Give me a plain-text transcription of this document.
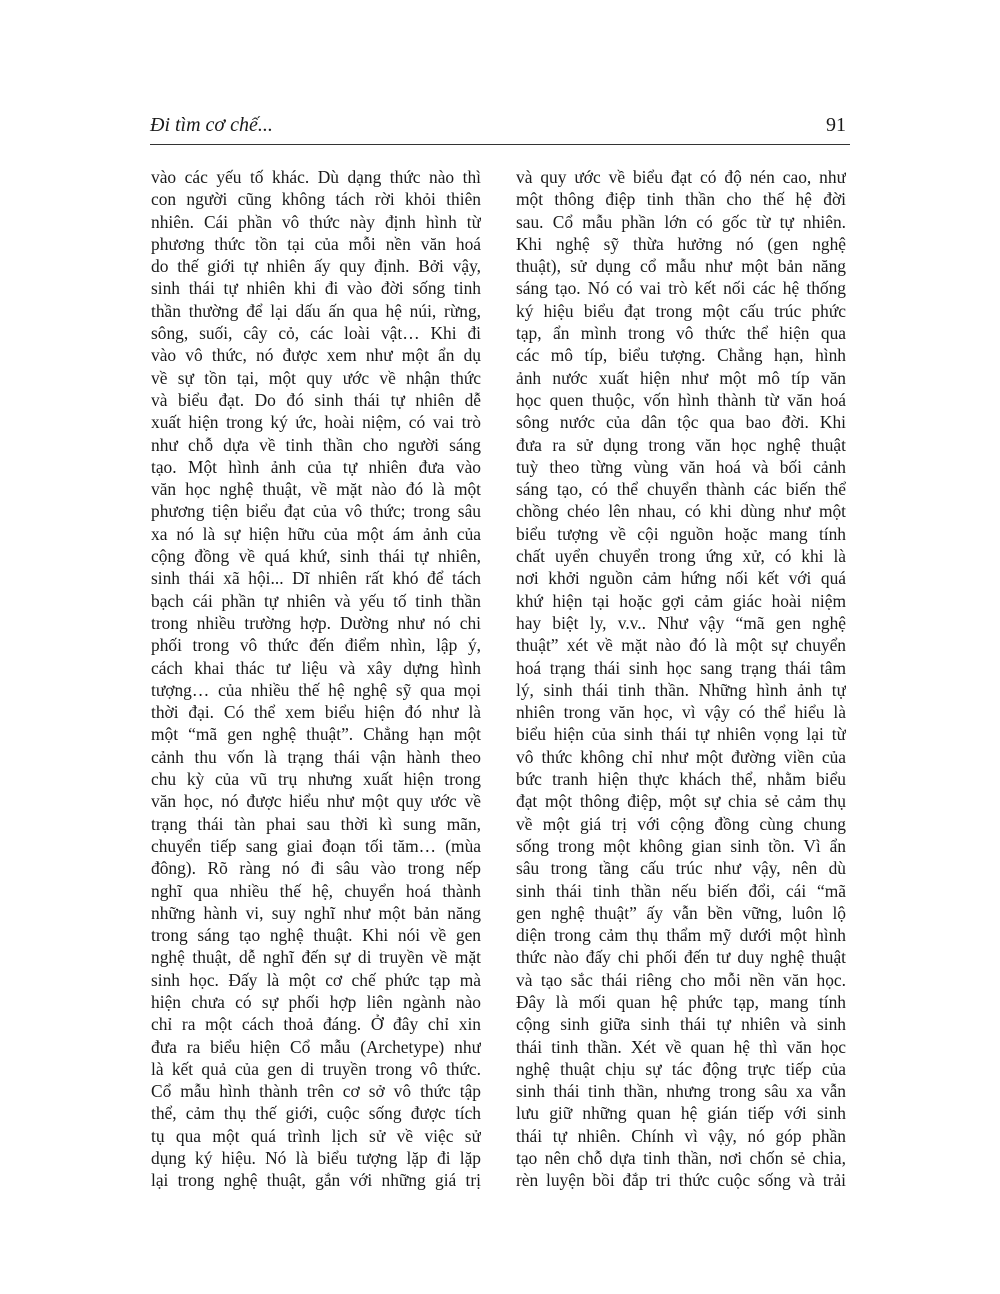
Đi tìm cơ chế...	91
vào các yếu tố khác. Dù dạng thức nào thì
con người cũng không tách rời khỏi thiên
nhiên. Cái phần vô thức này định hình từ
phương thức tồn tại của mỗi nền văn hoá
do thế giới tự nhiên ấy quy định. Bởi vậy,
sinh thái tự nhiên khi đi vào đời sống tinh
thần thường để lại dấu ấn qua hệ núi, rừng,
sông, suối, cây cỏ, các loài vật… Khi đi
vào vô thức, nó được xem như một ẩn dụ
về sự tồn tại, một quy ước về nhận thức
và biểu đạt. Do đó sinh thái tự nhiên dễ
xuất hiện trong ký ức, hoài niệm, có vai trò
như chỗ dựa về tinh thần cho người sáng
tạo. Một hình ảnh của tự nhiên đưa vào
văn học nghệ thuật, về mặt nào đó là một
phương tiện biểu đạt của vô thức; trong sâu
xa nó là sự hiện hữu của một ám ảnh của
cộng đồng về quá khứ, sinh thái tự nhiên,
sinh thái xã hội... Dĩ nhiên rất khó để tách
bạch cái phần tự nhiên và yếu tố tinh thần
trong nhiều trường hợp. Dường như nó chi
phối trong vô thức đến điểm nhìn, lập ý,
cách khai thác tư liệu và xây dựng hình
tượng… của nhiều thế hệ nghệ sỹ qua mọi
thời đại. Có thể xem biểu hiện đó như là
một “mã gen nghệ thuật”. Chẳng hạn một
cảnh thu vốn là trạng thái vận hành theo
chu kỳ của vũ trụ nhưng xuất hiện trong
văn học, nó được hiểu như một quy ước về
trạng thái tàn phai sau thời kì sung mãn,
chuyển tiếp sang giai đoạn tối tăm… (mùa
đông). Rõ ràng nó đi sâu vào trong nếp
nghĩ qua nhiều thế hệ, chuyển hoá thành
những hành vi, suy nghĩ như một bản năng
trong sáng tạo nghệ thuật. Khi nói về gen
nghệ thuật, dễ nghĩ đến sự di truyền về mặt
sinh học. Đấy là một cơ chế phức tạp mà
hiện chưa có sự phối hợp liên ngành nào
chỉ ra một cách thoả đáng. Ở đây chỉ xin
đưa ra biểu hiện Cổ mẫu (Archetype) như
là kết quả của gen di truyền trong vô thức.
Cổ mẫu hình thành trên cơ sở vô thức tập
thể, cảm thụ thế giới, cuộc sống được tích
tụ qua một quá trình lịch sử về việc sử
dụng ký hiệu. Nó là biểu tượng lặp đi lặp
lại trong nghệ thuật, gắn với những giá trị
và quy ước về biểu đạt có độ nén cao, như
một thông điệp tinh thần cho thế hệ đời
sau. Cổ mẫu phần lớn có gốc từ tự nhiên.
Khi nghệ sỹ thừa hưởng nó (gen nghệ
thuật), sử dụng cổ mẫu như một bản năng
sáng tạo. Nó có vai trò kết nối các hệ thống
ký hiệu biểu đạt trong một cấu trúc phức
tạp, ẩn mình trong vô thức thể hiện qua
các mô típ, biểu tượng. Chẳng hạn, hình
ảnh nước xuất hiện như một mô típ văn
học quen thuộc, vốn hình thành từ văn hoá
sông nước của dân tộc qua bao đời. Khi
đưa ra sử dụng trong văn học nghệ thuật
tuỳ theo từng vùng văn hoá và bối cảnh
sáng tạo, có thể chuyển thành các biến thể
chồng chéo lên nhau, có khi dùng như một
biểu tượng về cội nguồn hoặc mang tính
chất uyển chuyển trong ứng xử, có khi là
nơi khởi nguồn cảm hứng nối kết với quá
khứ hiện tại hoặc gợi cảm giác hoài niệm
hay biệt ly, v.v.. Như vậy “mã gen nghệ
thuật” xét về mặt nào đó là một sự chuyển
hoá trạng thái sinh học sang trạng thái tâm
lý, sinh thái tinh thần. Những hình ảnh tự
nhiên trong văn học, vì vậy có thể hiểu là
biểu hiện của sinh thái tự nhiên vọng lại từ
vô thức không chỉ như một đường viền của
bức tranh hiện thực khách thể, nhằm biểu
đạt một thông điệp, một sự chia sẻ cảm thụ
về một giá trị với cộng đồng cùng chung
sống trong một không gian sinh tồn. Vì ẩn
sâu trong tầng cấu trúc như vậy, nên dù
sinh thái tinh thần nếu biến đổi, cái “mã
gen nghệ thuật” ấy vẫn bền vững, luôn lộ
diện trong cảm thụ thẩm mỹ dưới một hình
thức nào đấy chi phối đến tư duy nghệ thuật
và tạo sắc thái riêng cho mỗi nền văn học.
Đây là mối quan hệ phức tạp, mang tính
cộng sinh giữa sinh thái tự nhiên và sinh
thái tinh thần. Xét về quan hệ thì văn học
nghệ thuật chịu sự tác động trực tiếp của
sinh thái tinh thần, nhưng trong sâu xa vẫn
lưu giữ những quan hệ gián tiếp với sinh
thái tự nhiên. Chính vì vậy, nó góp phần
tạo nên chỗ dựa tinh thần, nơi chốn sẻ chia,
rèn luyện bồi đắp tri thức cuộc sống và trải
